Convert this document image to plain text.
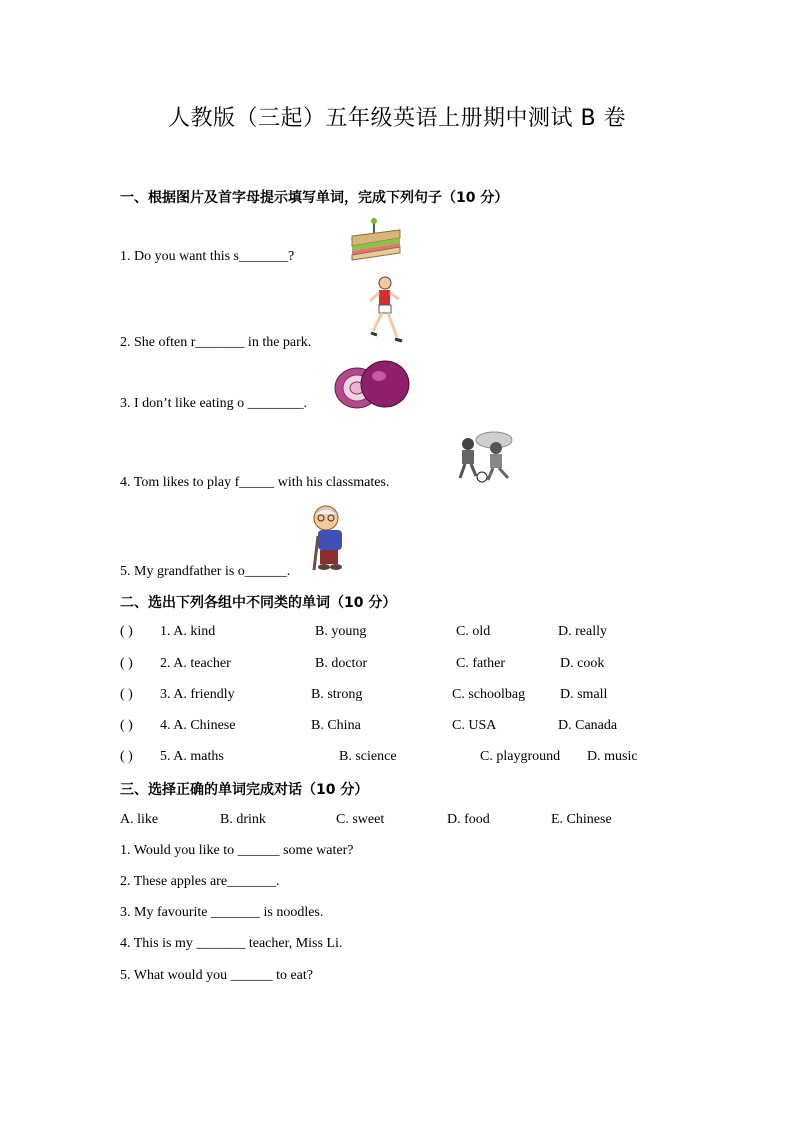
人教版（三起）五年级英语上册期中测试 B 卷
一、根据图片及首字母提示填写单词，完成下列句子（10 分）
1. Do you want this s_______?
2. She often r_______ in the park.
3. I don’t like eating o ________.
4. Tom likes to play f_____ with his classmates.
5. My grandfather is o______.
二、选出下列各组中不同类的单词（10 分）
( ) 1. A. kind	B. young	C. old	D. really
( ) 2. A. teacher	B. doctor	C. father	D. cook
( ) 3. A. friendly	B. strong	C. schoolbag D. small
( ) 4. A. Chinese	B. China	C. USA	D. Canada
( ) 5. A. maths	B. science	C. playground D. music
三、选择正确的单词完成对话（10 分）
A. like	B. drink	C. sweet	D. food	E. Chinese
1. Would you like to ______ some water?
2. These apples are_______.
3. My favourite _______ is noodles.
4. This is my _______ teacher, Miss Li.
5. What would you ______ to eat?
